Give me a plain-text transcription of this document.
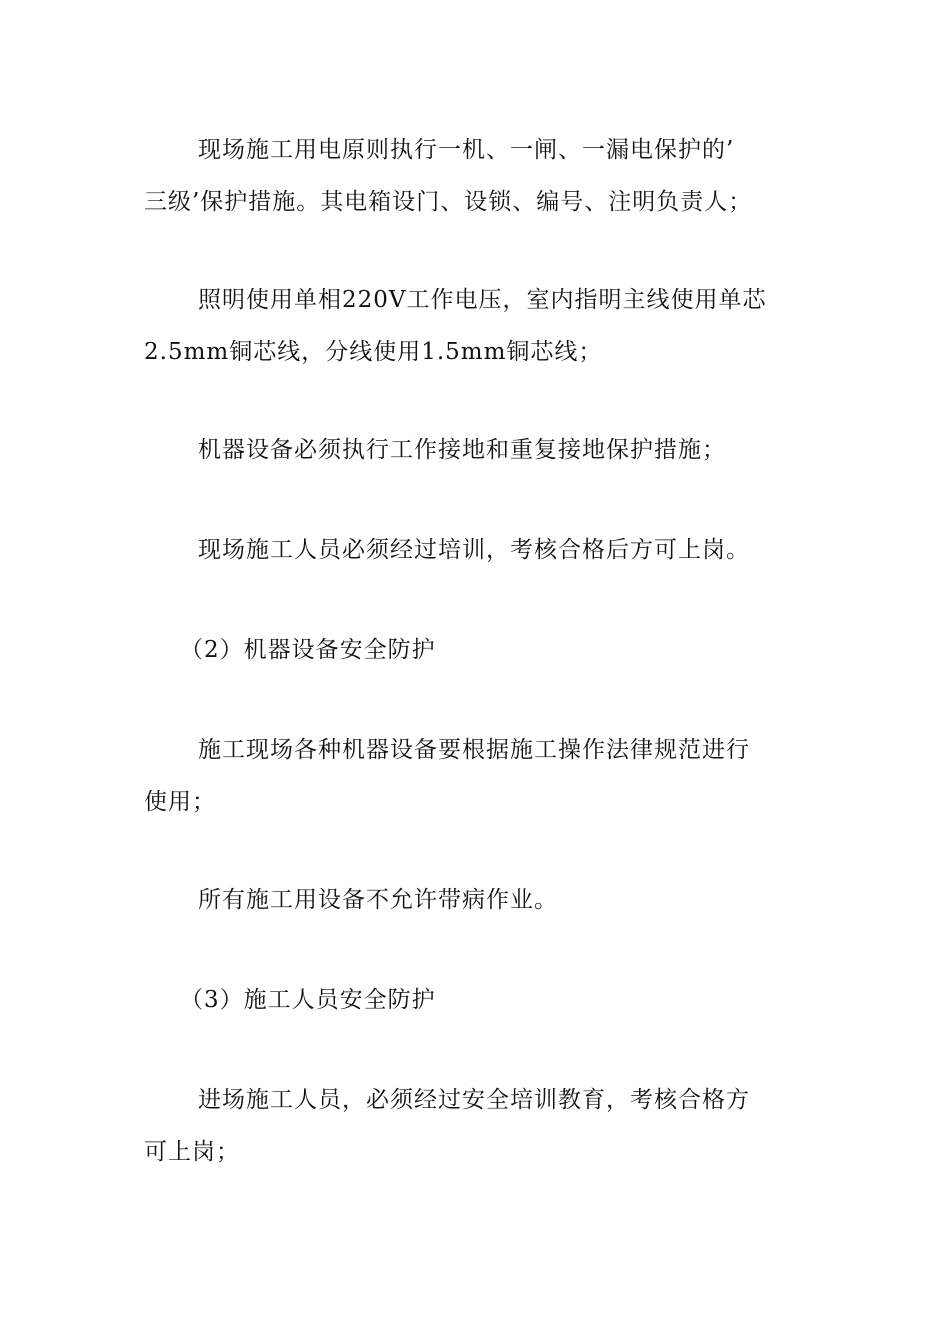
现场施工用电原则执行一机、一闸、一漏电保护的’
三级’保护措施。其电箱设门、设锁、编号、注明负责人；

照明使用单相220V工作电压，室内指明主线使用单芯
2.5mm铜芯线，分线使用1.5mm铜芯线；

机器设备必须执行工作接地和重复接地保护措施；

现场施工人员必须经过培训，考核合格后方可上岗。

（2）机器设备安全防护

施工现场各种机器设备要根据施工操作法律规范进行
使用；

所有施工用设备不允许带病作业。

（3）施工人员安全防护

进场施工人员，必须经过安全培训教育，考核合格方
可上岗；
